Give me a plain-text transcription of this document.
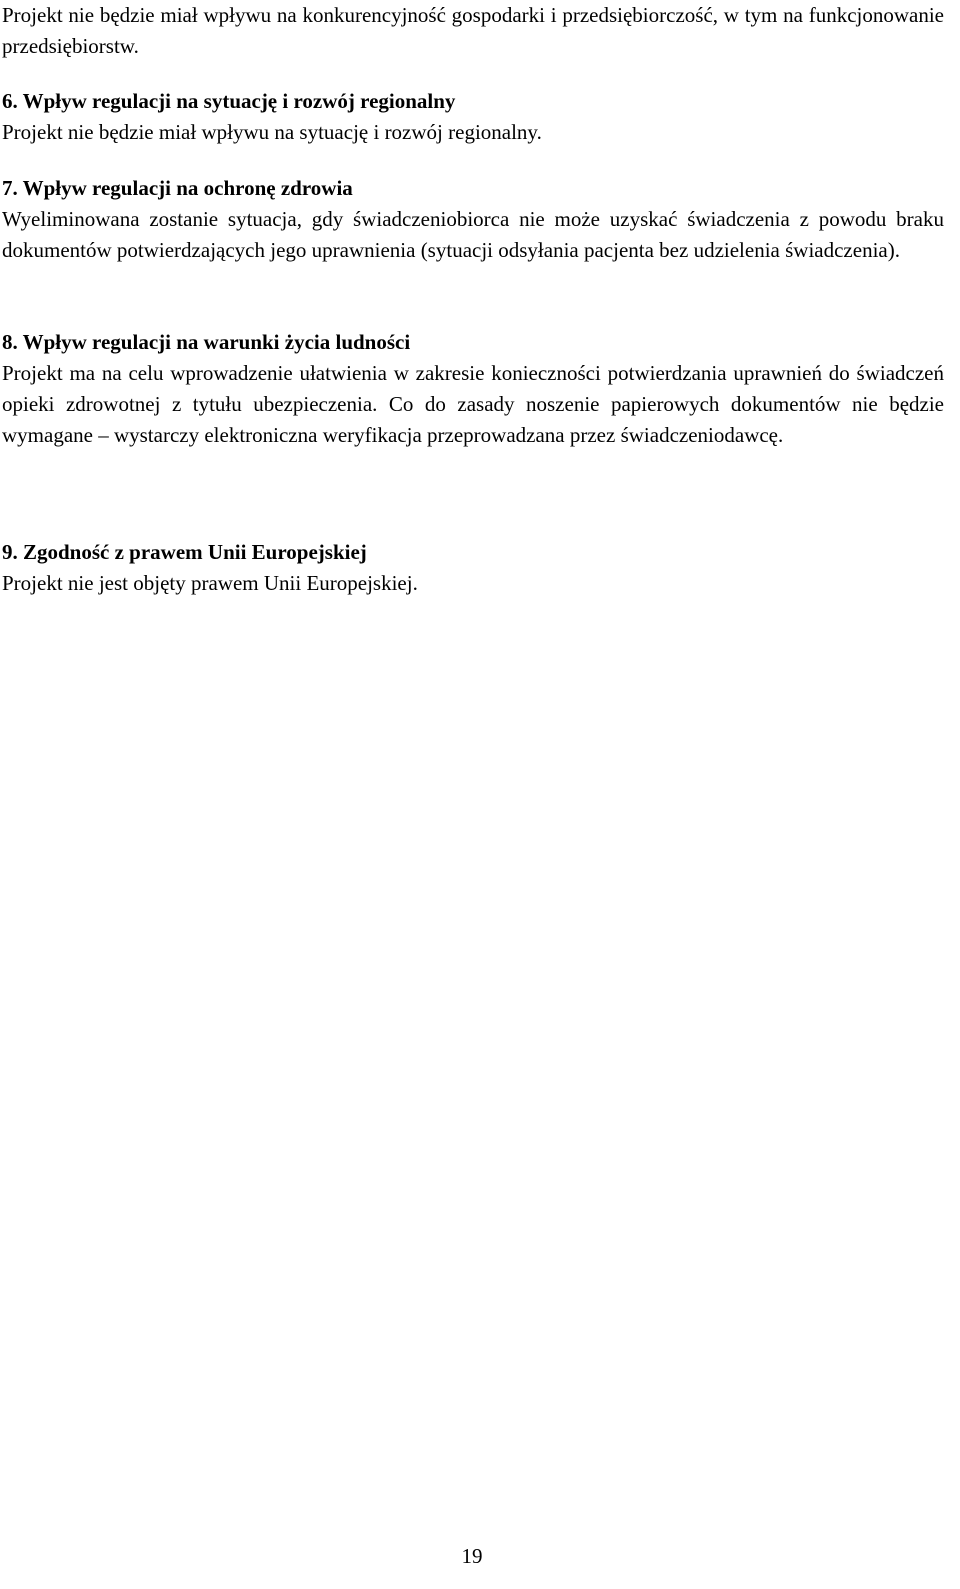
Projekt nie będzie miał wpływu na konkurencyjność gospodarki i przedsiębiorczość, w tym na funkcjonowanie przedsiębiorstw.
6. Wpływ regulacji na sytuację i rozwój regionalny
Projekt nie będzie miał wpływu na sytuację i rozwój regionalny.
7. Wpływ regulacji na ochronę zdrowia
Wyeliminowana zostanie sytuacja, gdy świadczeniobiorca nie może uzyskać świadczenia z powodu braku dokumentów potwierdzających jego uprawnienia (sytuacji odsyłania pacjenta bez udzielenia świadczenia).
8. Wpływ regulacji na warunki życia ludności
Projekt ma na celu wprowadzenie ułatwienia w zakresie konieczności potwierdzania uprawnień do świadczeń opieki zdrowotnej z tytułu ubezpieczenia. Co do zasady noszenie papierowych dokumentów nie będzie wymagane – wystarczy elektroniczna weryfikacja przeprowadzana przez świadczeniodawcę.
9. Zgodność z prawem Unii Europejskiej
Projekt nie jest objęty prawem Unii Europejskiej.
19
